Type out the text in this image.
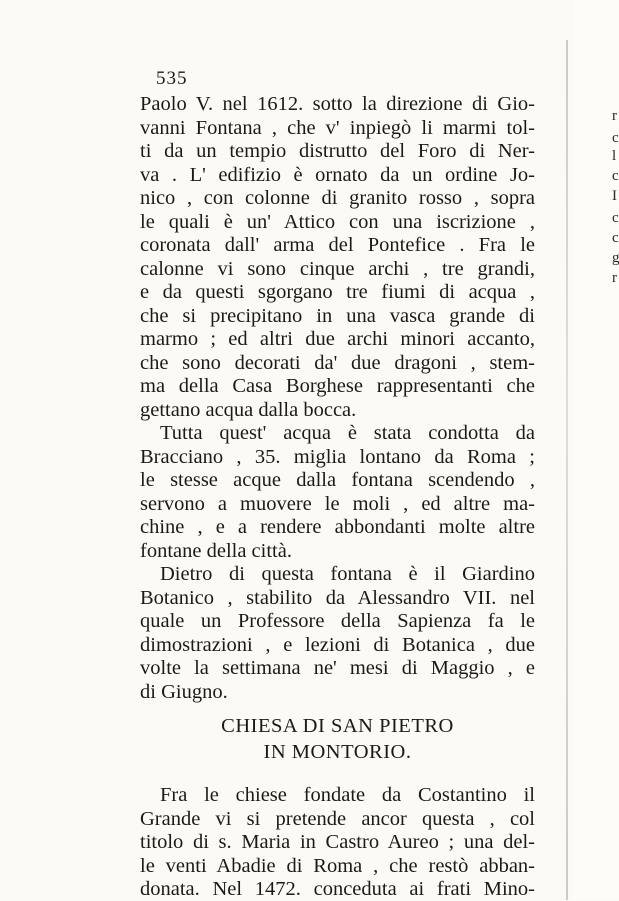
r
c
l
c
I
c
c
g
r
535
Paolo V. nel 1612. sotto la direzione di Gio-
vanni Fontana , che v' inpiegò li marmi tol-
ti da un tempio distrutto del Foro di Ner-
va . L' edifizio è ornato da un ordine Jo-
nico , con colonne di granito rosso , sopra
le quali è un' Attico con una iscrizione ,
coronata dall' arma del Pontefice . Fra le
calonne vi sono cinque archi , tre grandi,
e da questi sgorgano tre fiumi di acqua ,
che si precipitano in una vasca grande di
marmo ; ed altri due archi minori accanto,
che sono decorati da' due dragoni , stem-
ma della Casa Borghese rappresentanti che
gettano acqua dalla bocca.
Tutta quest' acqua è stata condotta da
Bracciano , 35. miglia lontano da Roma ;
le stesse acque dalla fontana scendendo ,
servono a muovere le moli , ed altre ma-
chine , e a rendere abbondanti molte altre
fontane della città.
Dietro di questa fontana è il Giardino
Botanico , stabilito da Alessandro VII. nel
quale un Professore della Sapienza fa le
dimostrazioni , e lezioni di Botanica , due
volte la settimana ne' mesi di Maggio , e
di Giugno.
CHIESA DI SAN PIETRO
IN MONTORIO.
Fra le chiese fondate da Costantino il
Grande vi si pretende ancor questa , col
titolo di s. Maria in Castro Aureo ; una del-
le venti Abadie di Roma , che restò abban-
donata. Nel 1472. conceduta ai frati Mino-
